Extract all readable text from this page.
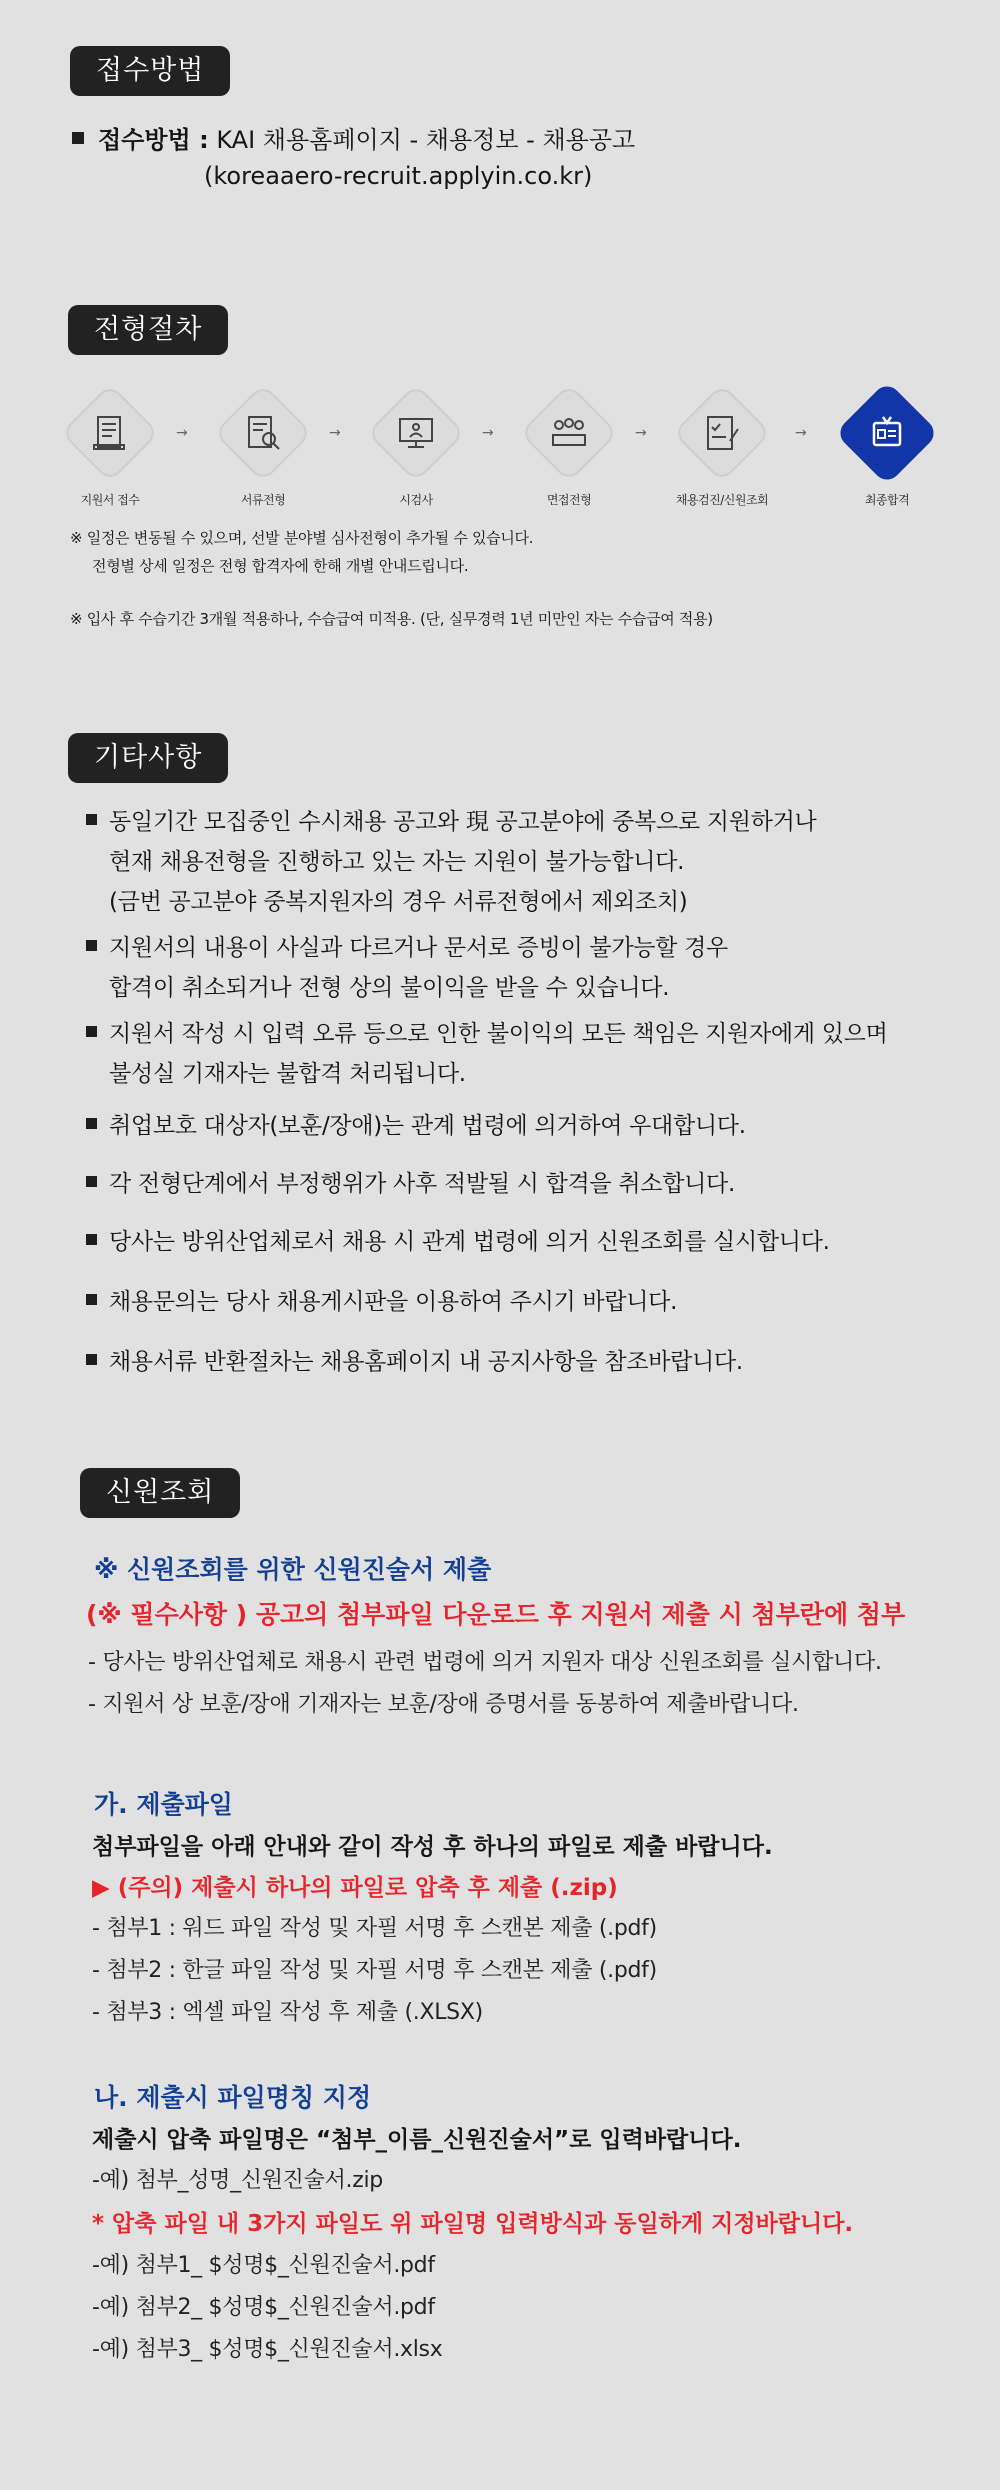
접수방법
접수방법 : KAI 채용홈페이지 - 채용정보 - 채용공고
(koreaaero-recruit.applyin.co.kr)
전형절차
지원서 접수
→
서류전형
→
시검사
→
면접전형
→
채용검진/신원조회
→
최종합격
※ 일정은 변동될 수 있으며, 선발 분야별 심사전형이 추가될 수 있습니다.
전형별 상세 일정은 전형 합격자에 한해 개별 안내드립니다.
※ 입사 후 수습기간 3개월 적용하나, 수습급여 미적용. (단, 실무경력 1년 미만인 자는 수습급여 적용)
기타사항
동일기간 모집중인 수시채용 공고와 現 공고분야에 중복으로 지원하거나
현재 채용전형을 진행하고 있는 자는 지원이 불가능합니다.
(금번 공고분야 중복지원자의 경우 서류전형에서 제외조치)
지원서의 내용이 사실과 다르거나 문서로 증빙이 불가능할 경우
합격이 취소되거나 전형 상의 불이익을 받을 수 있습니다.
지원서 작성 시 입력 오류 등으로 인한 불이익의 모든 책임은 지원자에게 있으며
불성실 기재자는 불합격 처리됩니다.
취업보호 대상자(보훈/장애)는 관계 법령에 의거하여 우대합니다.
각 전형단계에서 부정행위가 사후 적발될 시 합격을 취소합니다.
당사는 방위산업체로서 채용 시 관계 법령에 의거 신원조회를 실시합니다.
채용문의는 당사 채용게시판을 이용하여 주시기 바랍니다.
채용서류 반환절차는 채용홈페이지 내 공지사항을 참조바랍니다.
신원조회
※ 신원조회를 위한 신원진술서 제출
(※ 필수사항 ) 공고의 첨부파일 다운로드 후 지원서 제출 시 첨부란에 첨부
- 당사는 방위산업체로 채용시 관련 법령에 의거 지원자 대상 신원조회를 실시합니다.
- 지원서 상 보훈/장애 기재자는 보훈/장애 증명서를 동봉하여 제출바랍니다.
가. 제출파일
첨부파일을 아래 안내와 같이 작성 후 하나의 파일로 제출 바랍니다.
▶ (주의) 제출시 하나의 파일로 압축 후 제출 (.zip)
- 첨부1 : 워드 파일 작성 및 자필 서명 후 스캔본 제출 (.pdf)
- 첨부2 : 한글 파일 작성 및 자필 서명 후 스캔본 제출 (.pdf)
- 첨부3 : 엑셀 파일 작성 후 제출 (.XLSX)
나. 제출시 파일명칭 지정
제출시 압축 파일명은 “첨부_이름_신원진술서”로 입력바랍니다.
-예) 첨부_성명_신원진술서.zip
* 압축 파일 내 3가지 파일도 위 파일명 입력방식과 동일하게 지정바랍니다.
-예) 첨부1_ $성명$_신원진술서.pdf
-예) 첨부2_ $성명$_신원진술서.pdf
-예) 첨부3_ $성명$_신원진술서.xlsx
